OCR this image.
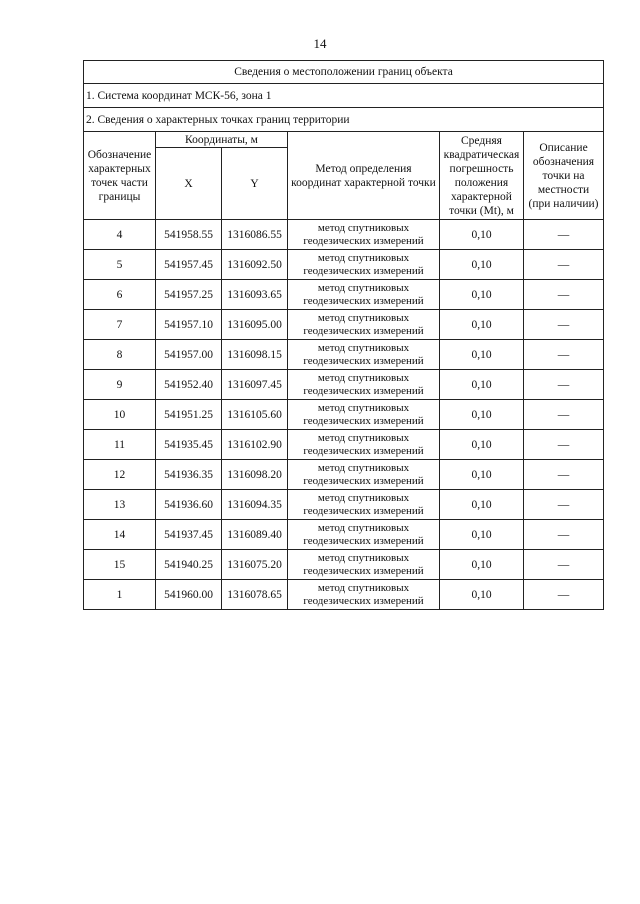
14
Сведения о местоположении границ объекта					
1. Система координат МСК-56, зона 1					
2. Сведения о характерных точках границ территории					
Обозначение характерных точек части границы	Координаты, м		Метод определения координат характерной точки	Средняя квадратическая погрешность положения характерной точки (Mt), м	Описание обозначения точки на местности (при наличии)
	X	Y			
4	541958.55	1316086.55	метод спутниковых
геодезических измерений	0,10	—
5	541957.45	1316092.50	метод спутниковых
геодезических измерений	0,10	—
6	541957.25	1316093.65	метод спутниковых
геодезических измерений	0,10	—
7	541957.10	1316095.00	метод спутниковых
геодезических измерений	0,10	—
8	541957.00	1316098.15	метод спутниковых
геодезических измерений	0,10	—
9	541952.40	1316097.45	метод спутниковых
геодезических измерений	0,10	—
10	541951.25	1316105.60	метод спутниковых
геодезических измерений	0,10	—
11	541935.45	1316102.90	метод спутниковых
геодезических измерений	0,10	—
12	541936.35	1316098.20	метод спутниковых
геодезических измерений	0,10	—
13	541936.60	1316094.35	метод спутниковых
геодезических измерений	0,10	—
14	541937.45	1316089.40	метод спутниковых
геодезических измерений	0,10	—
15	541940.25	1316075.20	метод спутниковых
геодезических измерений	0,10	—
1	541960.00	1316078.65	метод спутниковых
геодезических измерений	0,10	—
